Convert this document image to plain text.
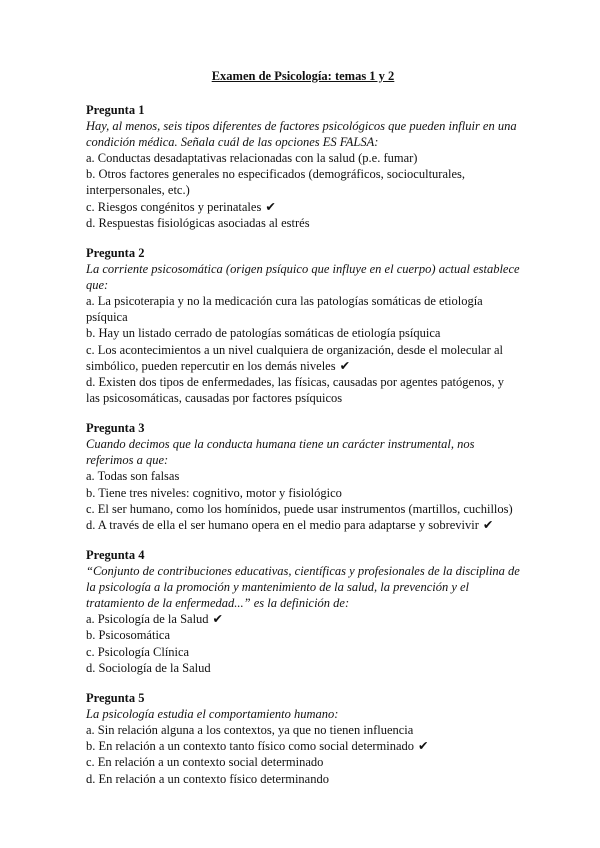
Examen de Psicología: temas 1 y 2
Pregunta 1
Hay, al menos, seis tipos diferentes de factores psicológicos que pueden influir en una condición médica. Señala cuál de las opciones ES FALSA:
a. Conductas desadaptativas relacionadas con la salud (p.e. fumar)
b. Otros factores generales no especificados (demográficos, socioculturales, interpersonales, etc.)
c. Riesgos congénitos y perinatales ✔
d. Respuestas fisiológicas asociadas al estrés
Pregunta 2
La corriente psicosomática (origen psíquico que influye en el cuerpo) actual establece que:
a. La psicoterapia y no la medicación cura las patologías somáticas de etiología psíquica
b. Hay un listado cerrado de patologías somáticas de etiología psíquica
c. Los acontecimientos a un nivel cualquiera de organización, desde el molecular al simbólico, pueden repercutir en los demás niveles ✔
d. Existen dos tipos de enfermedades, las físicas, causadas por agentes patógenos, y las psicosomáticas, causadas por factores psíquicos
Pregunta 3
Cuando decimos que la conducta humana tiene un carácter instrumental, nos referimos a que:
a. Todas son falsas
b. Tiene tres niveles: cognitivo, motor y fisiológico
c. El ser humano, como los homínidos, puede usar instrumentos (martillos, cuchillos)
d. A través de ella el ser humano opera en el medio para adaptarse y sobrevivir ✔
Pregunta 4
“Conjunto de contribuciones educativas, científicas y profesionales de la disciplina de la psicología a la promoción y mantenimiento de la salud, la prevención y el tratamiento de la enfermedad...” es la definición de:
a. Psicología de la Salud ✔
b. Psicosomática
c. Psicología Clínica
d. Sociología de la Salud
Pregunta 5
La psicología estudia el comportamiento humano:
a. Sin relación alguna a los contextos, ya que no tienen influencia
b. En relación a un contexto tanto físico como social determinado ✔
c. En relación a un contexto social determinado
d. En relación a un contexto físico determinando
